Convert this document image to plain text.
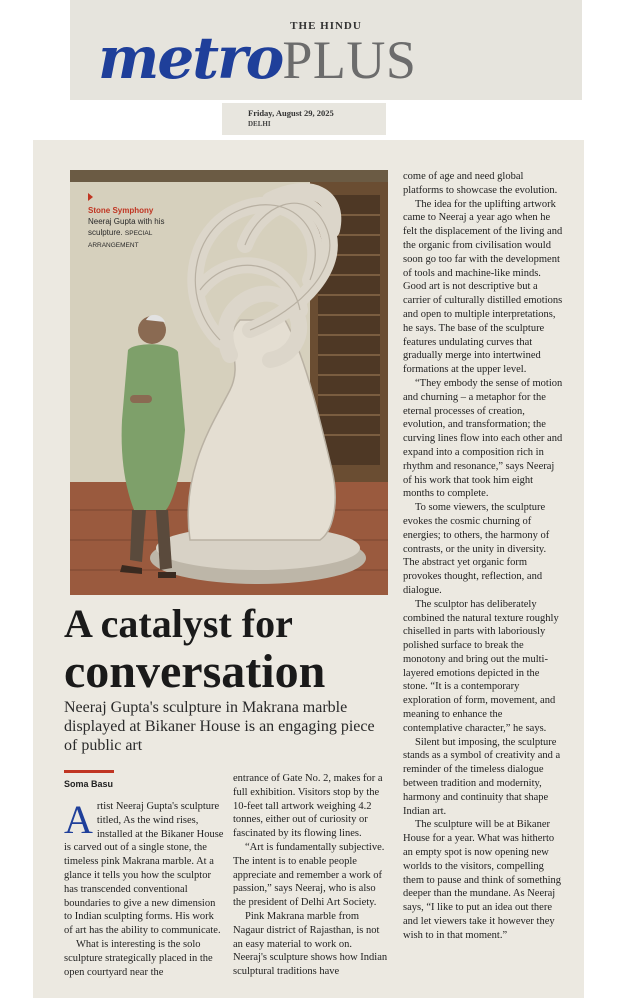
THE HINDU
metroPLUS
Friday, August 29, 2025
DELHI
Stone Symphony
Neeraj Gupta with his sculpture. SPECIAL ARRANGEMENT
A catalyst for
conversation
Neeraj Gupta's sculpture in Makrana marble displayed at Bikaner House is an engaging piece of public art
Soma Basu

Artist Neeraj Gupta's sculpture titled, As the wind rises, installed at the Bikaner House is carved out of a single stone, the timeless pink Makrana marble. At a glance it tells you how the sculptor has transcended conventional boundaries to give a new dimension to Indian sculpting forms. His work of art has the ability to communicate.

What is interesting is the solo sculpture strategically placed in the open courtyard near the

entrance of Gate No. 2, makes for a full exhibition. Visitors stop by the 10-feet tall artwork weighing 4.2 tonnes, either out of curiosity or fascinated by its flowing lines.

“Art is fundamentally subjective. The intent is to enable people appreciate and remember a work of passion,” says Neeraj, who is also the president of Delhi Art Society.

Pink Makrana marble from Nagaur district of Rajasthan, is not an easy material to work on. Neeraj's sculpture shows how Indian sculptural traditions have

come of age and need global platforms to showcase the evolution.

The idea for the uplifting artwork came to Neeraj a year ago when he felt the displacement of the living and the organic from civilisation would soon go too far with the development of tools and machine-like minds. Good art is not descriptive but a carrier of culturally distilled emotions and open to multiple interpretations, he says. The base of the sculpture features undulating curves that gradually merge into intertwined formations at the upper level.

“They embody the sense of motion and churning – a metaphor for the eternal processes of creation, evolution, and transformation; the curving lines flow into each other and expand into a composition rich in rhythm and resonance,” says Neeraj of his work that took him eight months to complete.

To some viewers, the sculpture evokes the cosmic churning of energies; to others, the harmony of contrasts, or the unity in diversity. The abstract yet organic form provokes thought, reflection, and dialogue.

The sculptor has deliberately combined the natural texture roughly chiselled in parts with laboriously polished surface to break the monotony and bring out the multi-layered emotions depicted in the stone. “It is a contemporary exploration of form, movement, and meaning to enhance the contemplative character,” he says.

Silent but imposing, the sculpture stands as a symbol of creativity and a reminder of the timeless dialogue between tradition and modernity, harmony and continuity that shape Indian art.

The sculpture will be at Bikaner House for a year. What was hitherto an empty spot is now opening new worlds to the visitors, compelling them to pause and think of something deeper than the mundane. As Neeraj says, “I like to put an idea out there and let viewers take it however they wish to in that moment.”
